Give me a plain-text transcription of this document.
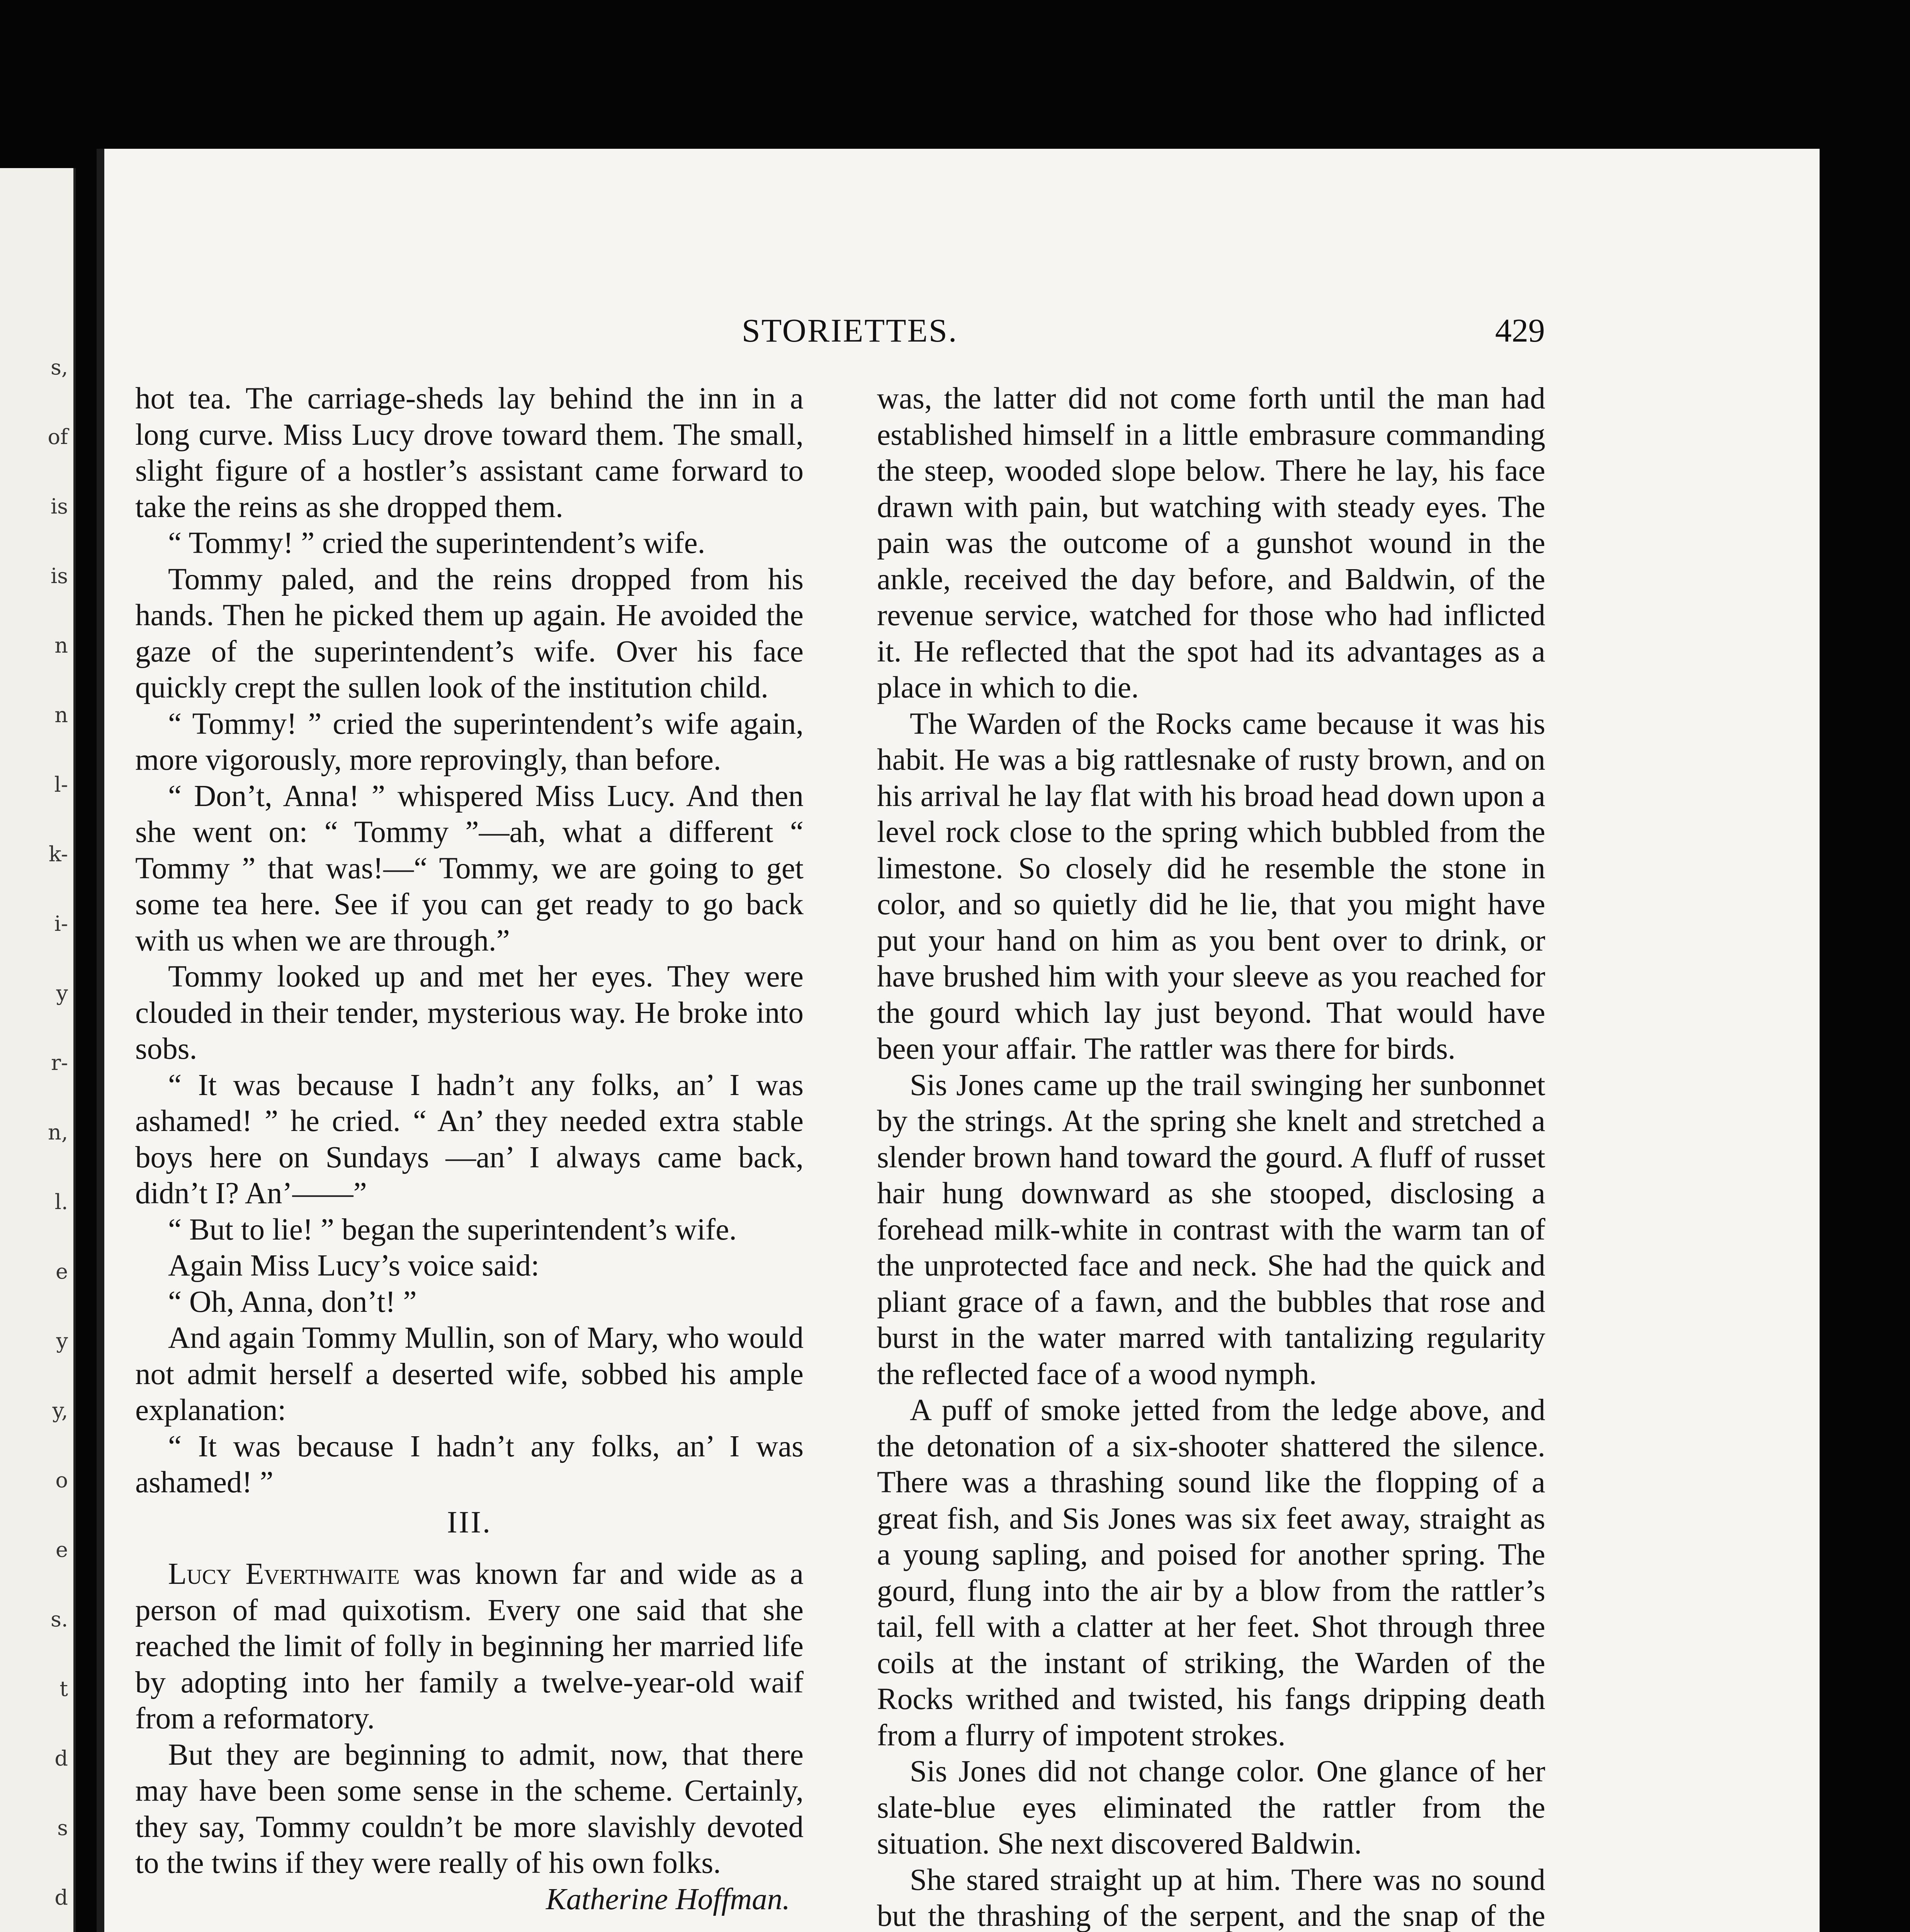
s,
of
is
is
n
n
l-
k-
i-
y
r-
n,
l.
e
y
y,
o
e
s.
t
d
s
d
STORIETTES.	429

hot tea. The carriage-sheds lay behind the inn in a long curve. Miss Lucy drove toward them. The small, slight figure of a hostler’s assistant came forward to take the reins as she dropped them.

“ Tommy! ” cried the superintendent’s wife.

Tommy paled, and the reins dropped from his hands. Then he picked them up again. He avoided the gaze of the superintendent’s wife. Over his face quickly crept the sullen look of the institution child.

“ Tommy! ” cried the superintendent’s wife again, more vigorously, more reprovingly, than before.

“ Don’t, Anna! ” whispered Miss Lucy. And then she went on: “ Tommy ”—ah, what a different “ Tommy ” that was!—“ Tommy, we are going to get some tea here. See if you can get ready to go back with us when we are through.”

Tommy looked up and met her eyes. They were clouded in their tender, mysterious way. He broke into sobs.

“ It was because I hadn’t any folks, an’ I was ashamed! ” he cried. “ An’ they needed extra stable boys here on Sundays —an’ I always came back, didn’t I? An’——”

“ But to lie! ” began the superintendent’s wife.

Again Miss Lucy’s voice said:

“ Oh, Anna, don’t! ”

And again Tommy Mullin, son of Mary, who would not admit herself a deserted wife, sobbed his ample explanation:

“ It was because I hadn’t any folks, an’ I was ashamed! ”

III.

Lucy Everthwaite was known far and wide as a person of mad quixotism. Every one said that she reached the limit of folly in beginning her married life by adopting into her family a twelve-year-old waif from a reformatory.

But they are beginning to admit, now, that there may have been some sense in the scheme. Certainly, they say, Tommy couldn’t be more slavishly devoted to the twins if they were really of his own folks.

Katherine Hoffman.

was, the latter did not come forth until the man had established himself in a little embrasure commanding the steep, wooded slope below. There he lay, his face drawn with pain, but watching with steady eyes. The pain was the outcome of a gunshot wound in the ankle, received the day before, and Baldwin, of the revenue service, watched for those who had inflicted it. He reflected that the spot had its advantages as a place in which to die.

The Warden of the Rocks came because it was his habit. He was a big rattlesnake of rusty brown, and on his arrival he lay flat with his broad head down upon a level rock close to the spring which bubbled from the limestone. So closely did he resemble the stone in color, and so quietly did he lie, that you might have put your hand on him as you bent over to drink, or have brushed him with your sleeve as you reached for the gourd which lay just beyond. That would have been your affair. The rattler was there for birds.

Sis Jones came up the trail swinging her sunbonnet by the strings. At the spring she knelt and stretched a slender brown hand toward the gourd. A fluff of russet hair hung downward as she stooped, disclosing a forehead milk-white in contrast with the warm tan of the unprotected face and neck. She had the quick and pliant grace of a fawn, and the bubbles that rose and burst in the water marred with tantalizing regularity the reflected face of a wood nymph.

A puff of smoke jetted from the ledge above, and the detonation of a six-shooter shattered the silence. There was a thrashing sound like the flopping of a great fish, and Sis Jones was six feet away, straight as a young sapling, and poised for another spring. The gourd, flung into the air by a blow from the rattler’s tail, fell with a clatter at her feet. Shot through three coils at the instant of striking, the Warden of the Rocks writhed and twisted, his fangs dripping death from a flurry of impotent strokes.

Sis Jones did not change color. One glance of her slate-blue eyes eliminated the rattler from the situation. She next discovered Baldwin.

She stared straight up at him. There was no sound but the thrashing of the serpent, and the snap of the
